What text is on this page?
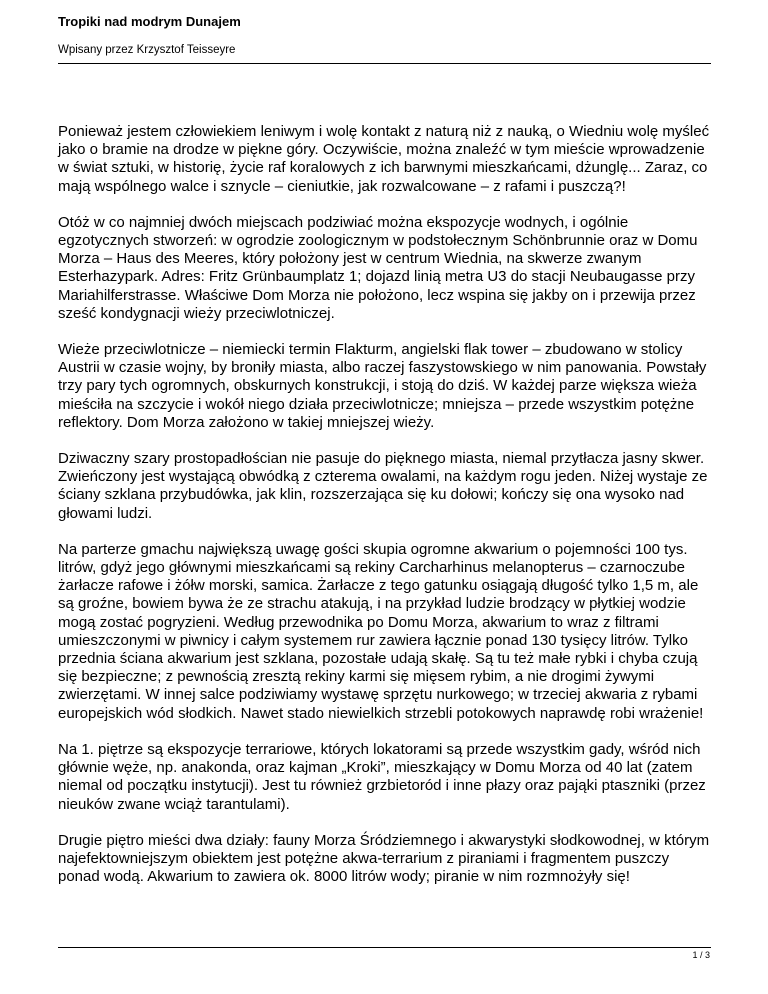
Tropiki nad modrym Dunajem
Wpisany przez Krzysztof Teisseyre

Ponieważ jestem człowiekiem leniwym i wolę kontakt z naturą niż z nauką, o Wiedniu wolę myśleć jako o bramie na drodze w piękne góry. Oczywiście, można znaleźć w tym mieście wprowadzenie w świat sztuki, w historię, życie raf koralowych z ich barwnymi mieszkańcami, dżunglę... Zaraz, co mają wspólnego walce i sznycle – cieniutkie, jak rozwalcowane – z rafami i puszczą?!

Otóż w co najmniej dwóch miejscach podziwiać można ekspozycje wodnych, i ogólnie egzotycznych stworzeń: w ogrodzie zoologicznym w podstołecznym Schönbrunnie oraz w Domu Morza – Haus des Meeres, który położony jest w centrum Wiednia, na skwerze zwanym Esterhazypark. Adres: Fritz Grünbaumplatz 1; dojazd linią metra U3 do stacji Neubaugasse przy Mariahilferstrasse. Właściwe Dom Morza nie położono, lecz wspina się jakby on i przewija przez sześć kondygnacji wieży przeciwlotniczej.

Wieże przeciwlotnicze – niemiecki termin Flakturm, angielski flak tower – zbudowano w stolicy Austrii w czasie wojny, by broniły miasta, albo raczej faszystowskiego w nim panowania. Powstały trzy pary tych ogromnych, obskurnych konstrukcji, i stoją do dziś. W każdej parze większa wieża mieściła na szczycie i wokół niego działa przeciwlotnicze; mniejsza – przede wszystkim potężne reflektory. Dom Morza założono w takiej mniejszej wieży.

Dziwaczny szary prostopadłościan nie pasuje do pięknego miasta, niemal przytłacza jasny skwer. Zwieńczony jest wystającą obwódką z czterema owalami, na każdym rogu jeden. Niżej wystaje ze ściany szklana przybudówka, jak klin, rozszerzająca się ku dołowi; kończy się ona wysoko nad głowami ludzi.

Na parterze gmachu największą uwagę gości skupia ogromne akwarium o pojemności 100 tys. litrów, gdyż jego głównymi mieszkańcami są rekiny Carcharhinus melanopterus – czarnoczube żarłacze rafowe i żółw morski, samica. Żarłacze z tego gatunku osiągają długość tylko 1,5 m, ale są groźne, bowiem bywa że ze strachu atakują, i na przykład ludzie brodzący w płytkiej wodzie mogą zostać pogryzieni. Według przewodnika po Domu Morza, akwarium to wraz z filtrami umieszczonymi w piwnicy i całym systemem rur zawiera łącznie ponad 130 tysięcy litrów. Tylko przednia ściana akwarium jest szklana, pozostałe udają skałę. Są tu też małe rybki i chyba czują się bezpieczne; z pewnością zresztą rekiny karmi się mięsem rybim, a nie drogimi żywymi zwierzętami. W innej salce podziwiamy wystawę sprzętu nurkowego; w trzeciej akwaria z rybami europejskich wód słodkich. Nawet stado niewielkich strzebli potokowych naprawdę robi wrażenie!

Na 1. piętrze są ekspozycje terrariowe, których lokatorami są przede wszystkim gady, wśród nich głównie węże, np. anakonda, oraz kajman „Kroki”, mieszkający w Domu Morza od 40 lat (zatem niemal od początku instytucji). Jest tu również grzbietoród i inne płazy oraz pająki ptaszniki (przez nieuków zwane wciąż tarantulami).

Drugie piętro mieści dwa działy: fauny Morza Śródziemnego i akwarystyki słodkowodnej, w którym najefektowniejszym obiektem jest potężne akwa-terrarium z piraniami i fragmentem puszczy ponad wodą. Akwarium to zawiera ok. 8000 litrów wody; piranie w nim rozmnożyły się!

1 / 3
